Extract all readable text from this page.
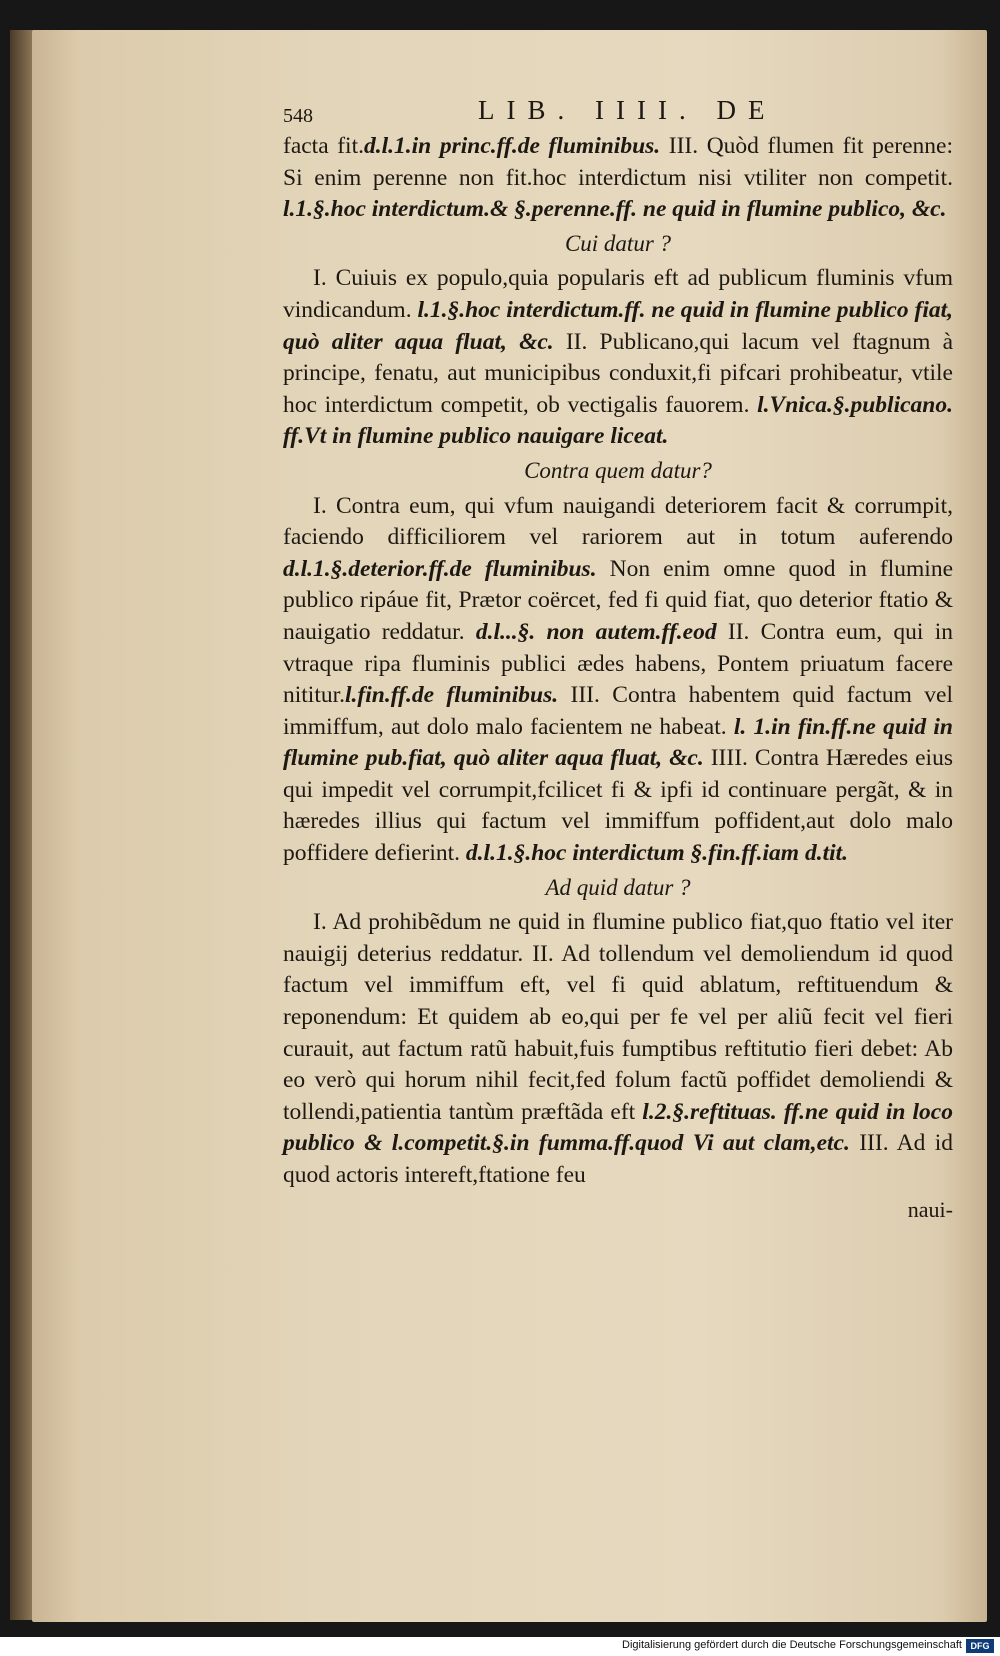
548	LIB. IIII. DE

facta fit.d.l.1.in princ.ff.de fluminibus. III. Quòd flumen fit perenne: Si enim perenne non fit.hoc interdictum nisi vtiliter non competit. l.1.§.hoc interdictum.& §.perenne.ff. ne quid in flumine publico, &c.

Cui datur ?

I. Cuiuis ex populo,quia popularis eft ad publicum fluminis vfum vindicandum. l.1.§.hoc interdictum.ff. ne quid in flumine publico fiat, quò aliter aqua fluat, &c. II. Publicano,qui lacum vel ftagnum à principe, fenatu, aut municipibus conduxit,fi pifcari prohibeatur, vtile hoc interdictum competit, ob vectigalis fauorem. l.Vnica.§.publicano. ff.Vt in flumine publico nauigare liceat.

Contra quem datur?

I. Contra eum, qui vfum nauigandi deteriorem facit & corrumpit, faciendo difficiliorem vel rariorem aut in totum auferendo d.l.1.§.deterior.ff.de fluminibus. Non enim omne quod in flumine publico ripáue fit, Prætor coërcet, fed fi quid fiat, quo deterior ftatio & nauigatio reddatur. d.l...§. non autem.ff.eod II. Contra eum, qui in vtraque ripa fluminis publici ædes habens, Pontem priuatum facere nititur.l.fin.ff.de fluminibus. III. Contra habentem quid factum vel immiffum, aut dolo malo facientem ne habeat. l. 1.in fin.ff.ne quid in flumine pub.fiat, quò aliter aqua fluat, &c. IIII. Contra Hæredes eius qui impedit vel corrumpit,fcilicet fi & ipfi id continuare pergãt, & in hæredes illius qui factum vel immiffum poffident,aut dolo malo poffidere defierint. d.l.1.§.hoc interdictum §.fin.ff.iam d.tit.

Ad quid datur ?

I. Ad prohibẽdum ne quid in flumine publico fiat,quo ftatio vel iter nauigij deterius reddatur. II. Ad tollendum vel demoliendum id quod factum vel immiffum eft, vel fi quid ablatum, reftituendum & reponendum: Et quidem ab eo,qui per fe vel per aliũ fecit vel fieri curauit, aut factum ratũ habuit,fuis fumptibus reftitutio fieri debet: Ab eo verò qui horum nihil fecit,fed folum factũ poffidet demoliendi & tollendi,patientia tantùm præftãda eft l.2.§.reftituas. ff.ne quid in loco publico & l.competit.§.in fumma.ff.quod Vi aut clam,etc. III. Ad id quod actoris intereft,ftatione feu

naui-
Digitalisierung gefördert durch die Deutsche Forschungsgemeinschaft DFG
